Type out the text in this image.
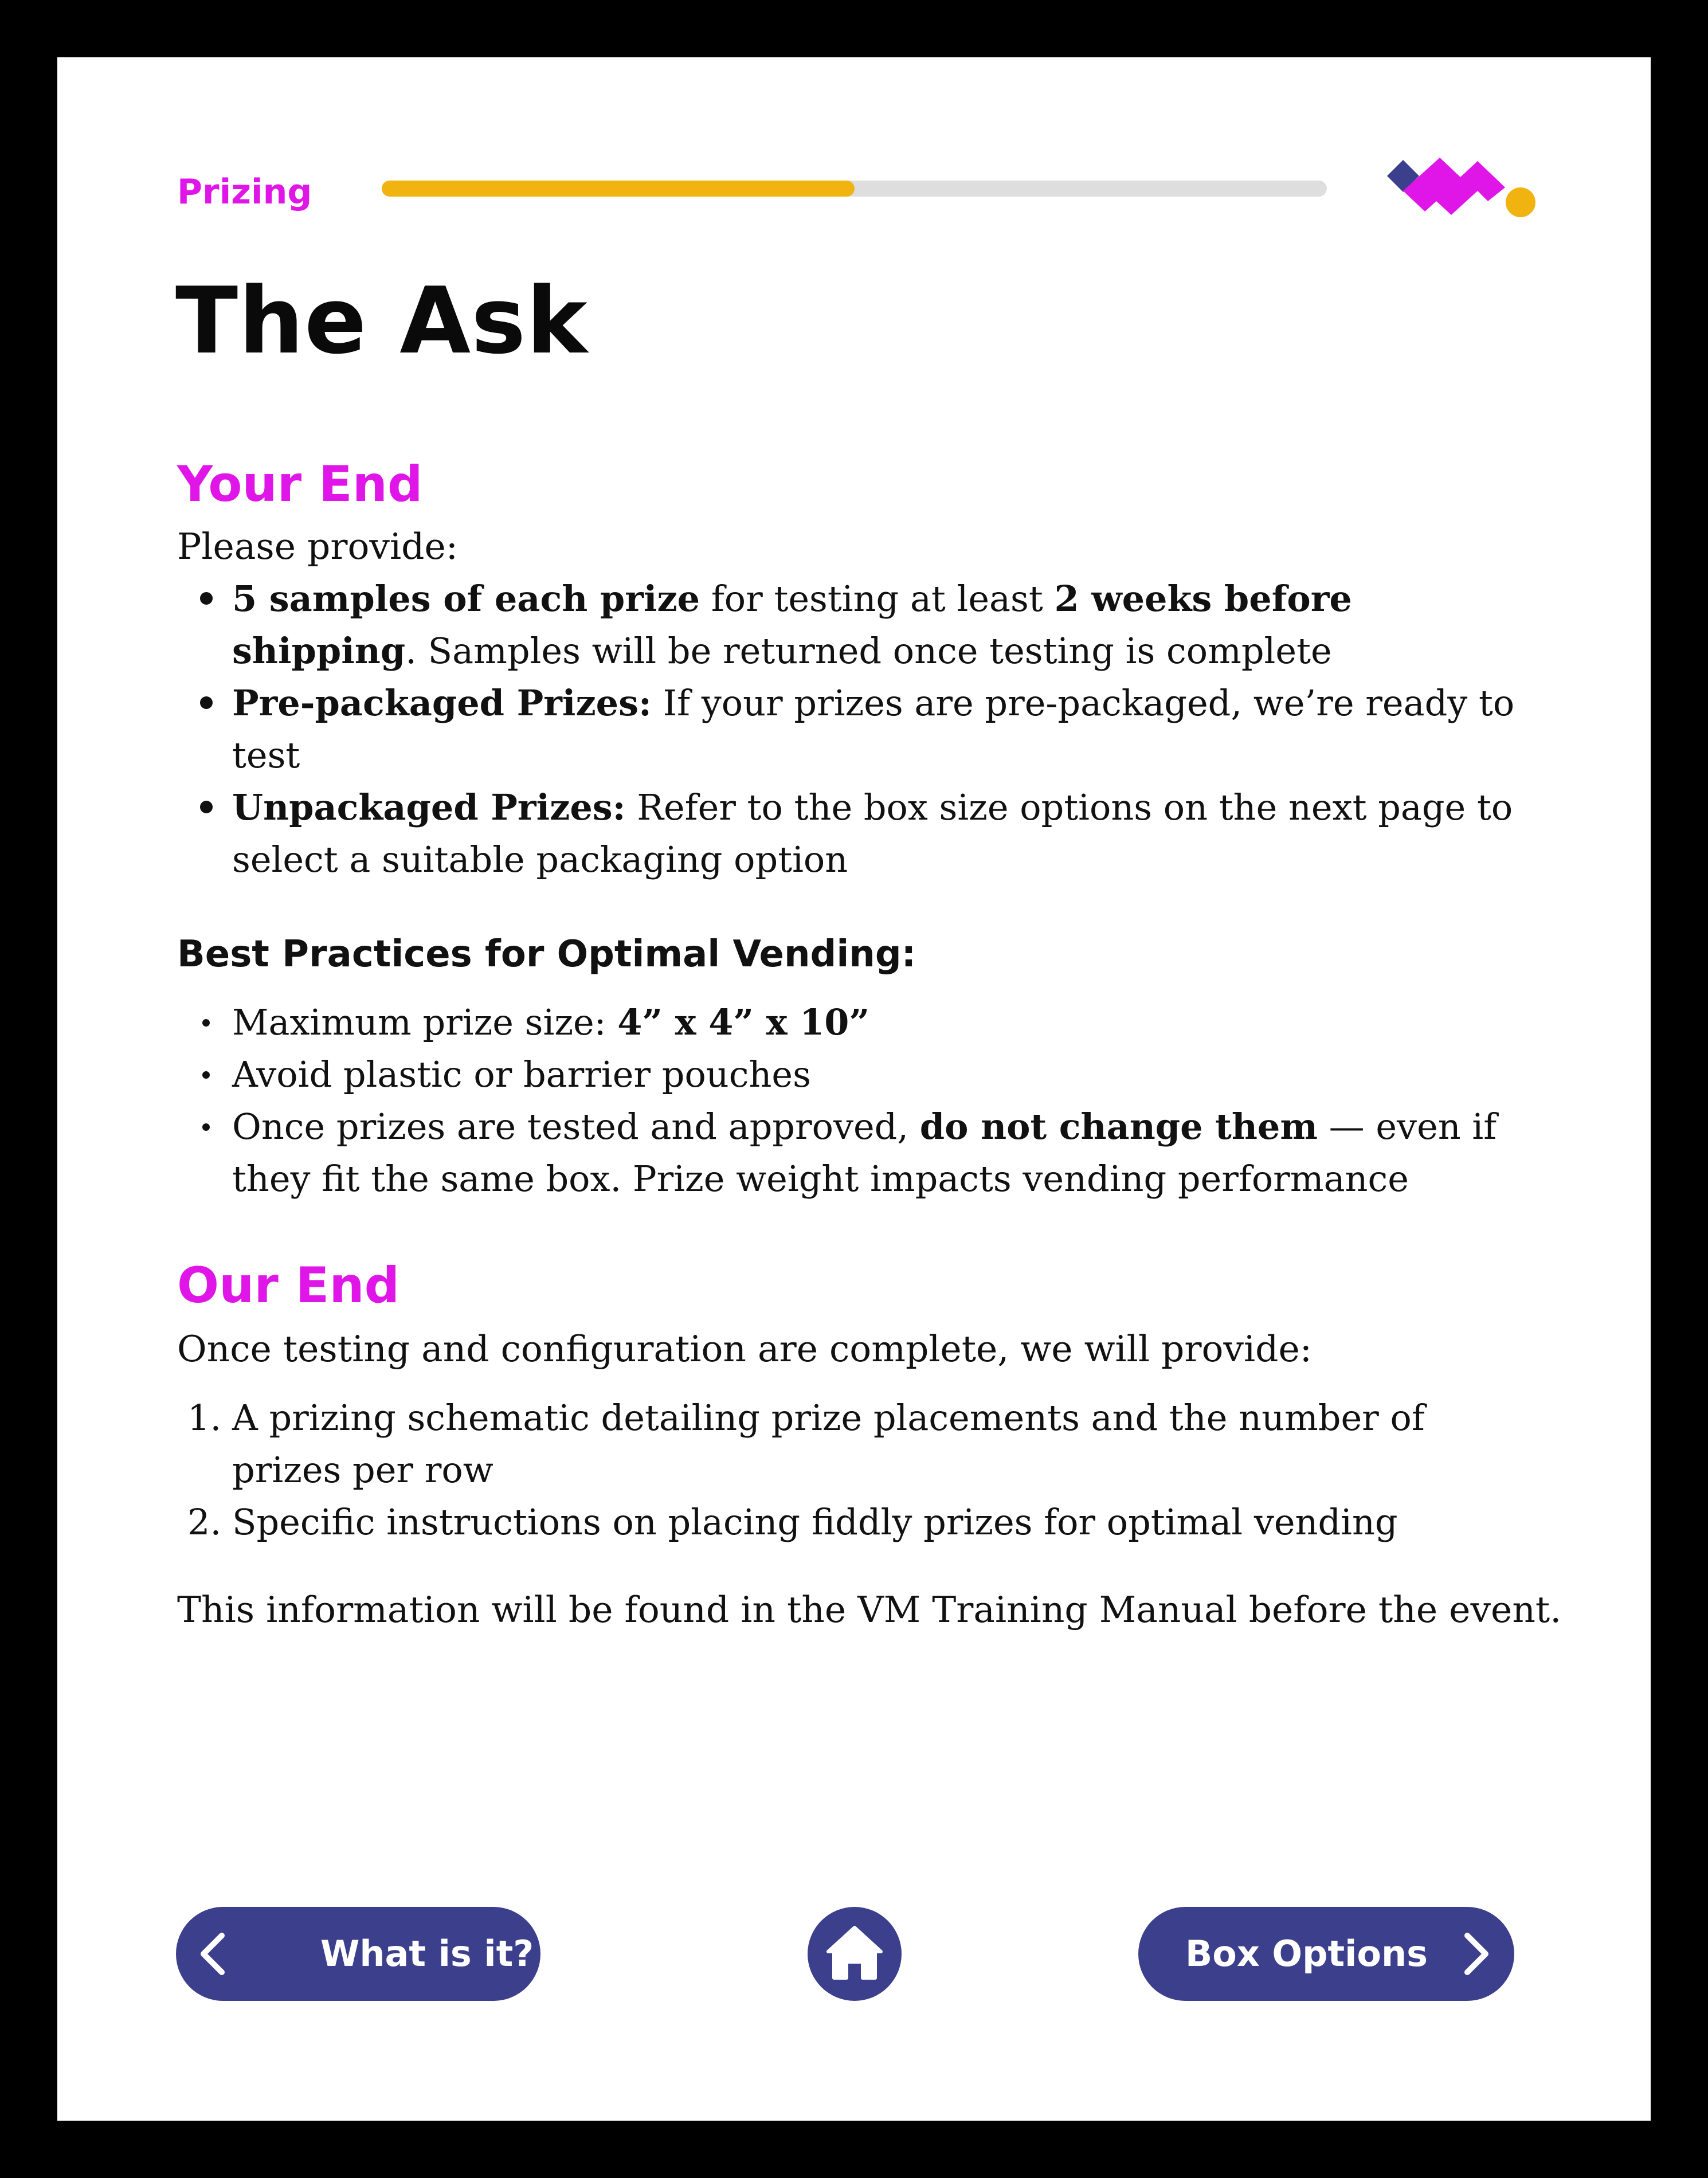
Prizing
The Ask
Your End
Please provide:
5 samples of each prize for testing at least 2 weeks before shipping. Samples will be returned once testing is complete
Pre-packaged Prizes: If your prizes are pre-packaged, we’re ready to test
Unpackaged Prizes: Refer to the box size options on the next page to select a suitable packaging option
Best Practices for Optimal Vending:
Maximum prize size: 4” x 4” x 10”
Avoid plastic or barrier pouches
Once prizes are tested and approved, do not change them — even if they fit the same box. Prize weight impacts vending performance
Our End
Once testing and configuration are complete, we will provide:
A prizing schematic detailing prize placements and the number of prizes per row
Specific instructions on placing fiddly prizes for optimal vending
This information will be found in the VM Training Manual before the event.
What is it?	Box Options
